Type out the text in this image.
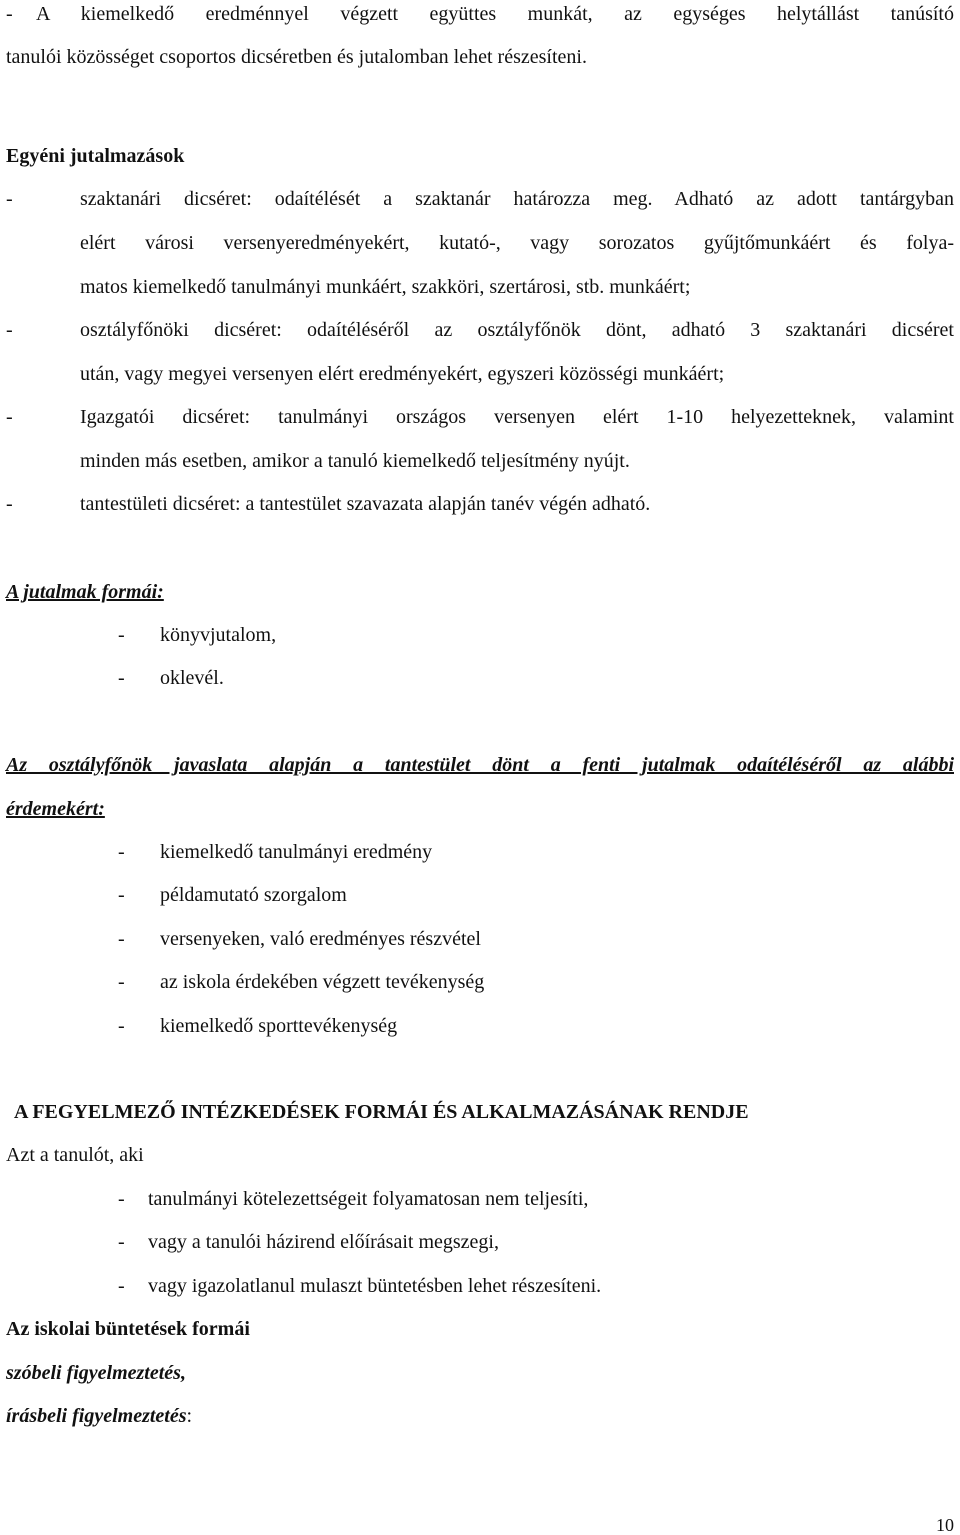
- A kiemelkedő eredménnyel végzett együttes munkát, az egységes helytállást tanúsító
tanulói közösséget csoportos dicséretben és jutalomban lehet részesíteni.
Egyéni jutalmazások
-	szaktanári dicséret: odaítélését a szaktanár határozza meg. Adható az adott tantárgyban
elért városi versenyeredményekért, kutató-, vagy sorozatos gyűjtőmunkáért és folya-
matos kiemelkedő tanulmányi munkáért, szakköri, szertárosi, stb. munkáért;
-	osztályfőnöki dicséret: odaítéléséről az osztályfőnök dönt, adható 3 szaktanári dicséret
után, vagy megyei versenyen elért eredményekért, egyszeri közösségi munkáért;
-	Igazgatói dicséret: tanulmányi országos versenyen elért 1-10 helyezetteknek, valamint
minden más esetben, amikor a tanuló kiemelkedő teljesítmény nyújt.
-	tantestületi dicséret: a tantestület szavazata alapján tanév végén adható.
A jutalmak formái:
- könyvjutalom,
- oklevél.
Az osztályfőnök javaslata alapján a tantestület dönt a fenti jutalmak odaítéléséről az alábbi
érdemekért:
- kiemelkedő tanulmányi eredmény
- példamutató szorgalom
- versenyeken, való eredményes részvétel
- az iskola érdekében végzett tevékenység
- kiemelkedő sporttevékenység
A FEGYELMEZŐ INTÉZKEDÉSEK FORMÁI ÉS ALKALMAZÁSÁNAK RENDJE
Azt a tanulót, aki
- tanulmányi kötelezettségeit folyamatosan nem teljesíti,
- vagy a tanulói házirend előírásait megszegi,
- vagy igazolatlanul mulaszt büntetésben lehet részesíteni.
Az iskolai büntetések formái
szóbeli figyelmeztetés,
írásbeli figyelmeztetés:
10
